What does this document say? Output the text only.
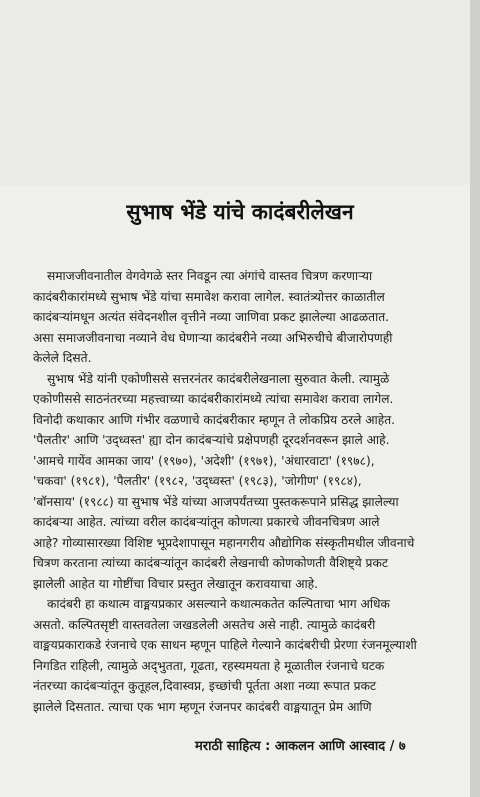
सुभाष भेंडे यांचे कादंबरीलेखन
समाजजीवनातील वेगवेगळे स्तर निवडून त्या अंगांचे वास्तव चित्रण करणाऱ्या
कादंबरीकारांमध्ये सुभाष भेंडे यांचा समावेश करावा लागेल. स्वातंत्र्योत्तर काळातील
कादंबऱ्यांमधून अत्यंत संवेदनशील वृत्तीने नव्या जाणिवा प्रकट झालेल्या आढळतात.
असा समाजजीवनाचा नव्याने वेध घेणाऱ्या कादंबरीने नव्या अभिरुचीचे बीजारोपणही
केलेले दिसते.
सुभाष भेंडे यांनी एकोणीससे सत्तरनंतर कादंबरीलेखनाला सुरुवात केली. त्यामुळे
एकोणीससे साठनंतरच्या महत्त्वाच्या कादंबरीकारांमध्ये त्यांचा समावेश करावा लागेल.
विनोदी कथाकार आणि गंभीर वळणाचे कादंबरीकार म्हणून ते लोकप्रिय ठरले आहेत.
'पैलतीर' आणि 'उद्ध्वस्त' ह्या दोन कादंबऱ्यांचे प्रक्षेपणही दूरदर्शनवरून झाले आहे.
'आमचे गायेंव आमका जाय' (१९७०), 'अदेशी' (१९७१), 'अंधारवाटा' (१९७८),
'चकवा' (१९८१), 'पैलतीर' (१९८२, 'उद्ध्वस्त' (१९८३), 'जोगीण' (१९८४),
'बॉनसाय' (१९८८) या सुभाष भेंडे यांच्या आजपर्यंतच्या पुस्तकरूपाने प्रसिद्ध झालेल्या
कादंबऱ्या आहेत. त्यांच्या वरील कादंबऱ्यांतून कोणत्या प्रकारचे जीवनचित्रण आले
आहे? गोव्यासारख्या विशिष्ट भूप्रदेशापासून महानगरीय औद्योगिक संस्कृतीमधील जीवनाचे
चित्रण करताना त्यांच्या कादंबऱ्यांतून कादंबरी लेखनाची कोणकोणती वैशिष्ट्ये प्रकट
झालेली आहेत या गोष्टींचा विचार प्रस्तुत लेखातून करावयाचा आहे.
कादंबरी हा कथात्म वाङ्मयप्रकार असल्याने कथात्मकतेत कल्पिताचा भाग अधिक
असतो. कल्पितसृष्टी वास्तवतेला जखडलेली असतेच असे नाही. त्यामुळे कादंबरी
वाङ्मयप्रकाराकडे रंजनाचे एक साधन म्हणून पाहिले गेल्याने कादंबरीची प्रेरणा रंजनमूल्याशी
निगडित राहिली, त्यामुळे अद्‌भुतता, गूढता, रहस्यमयता हे मूळातील रंजनाचे घटक
नंतरच्या कादंबऱ्यांतून कुतूहल,दिवास्वप्न, इच्छांची पूर्तता अशा नव्या रूपात प्रकट
झालेले दिसतात. त्याचा एक भाग म्हणून रंजनपर कादंबरी वाङ्मयातून प्रेम आणि
मराठी साहित्य : आकलन आणि आस्वाद / ७
